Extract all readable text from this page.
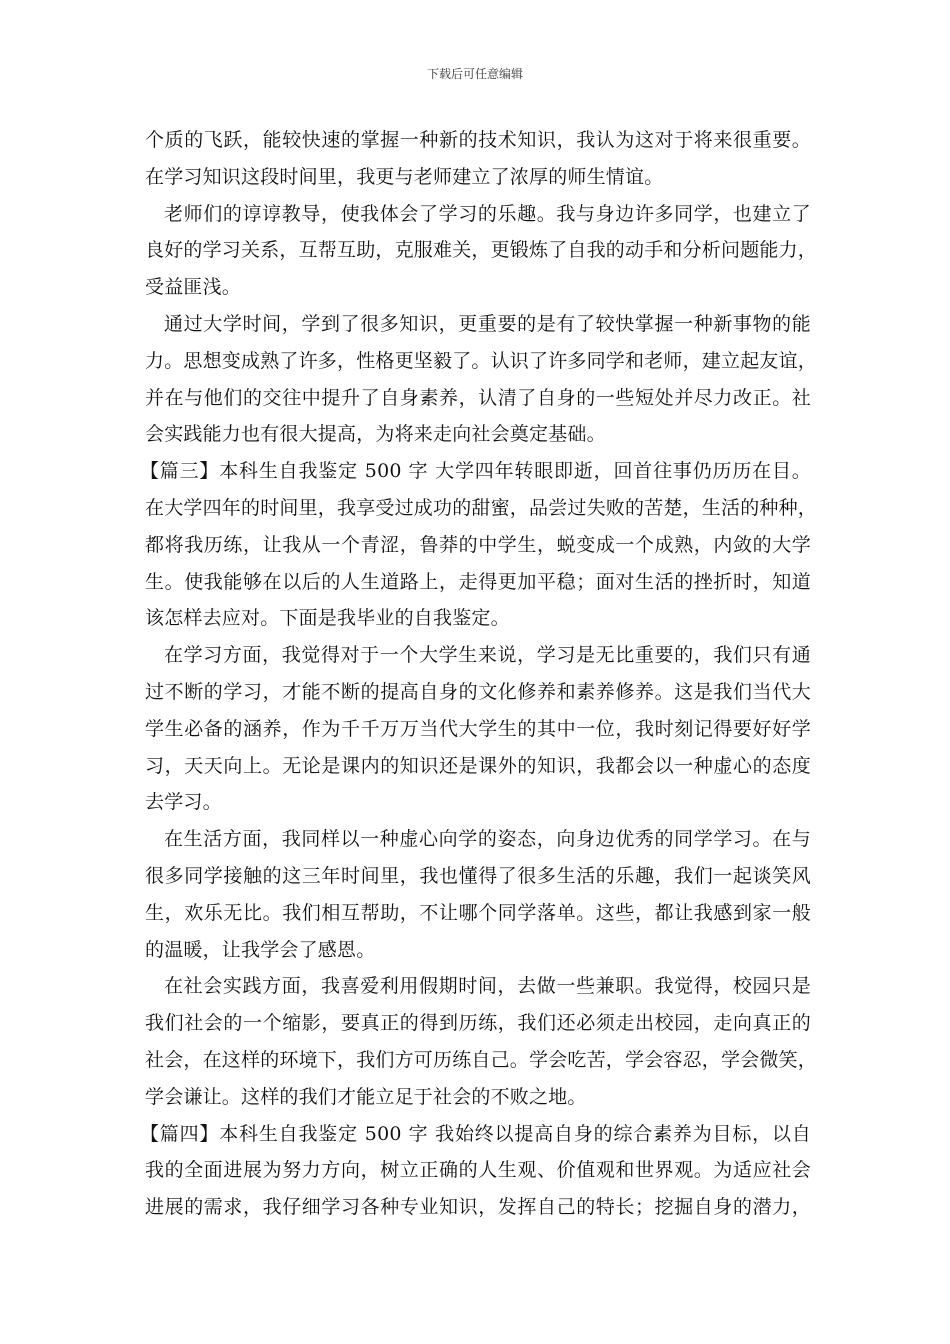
下载后可任意编辑
个质的飞跃，能较快速的掌握一种新的技术知识，我认为这对于将来很重要。
在学习知识这段时间里，我更与老师建立了浓厚的师生情谊。
老师们的谆谆教导，使我体会了学习的乐趣。我与身边许多同学，也建立了
良好的学习关系，互帮互助，克服难关，更锻炼了自我的动手和分析问题能力，
受益匪浅。
通过大学时间，学到了很多知识，更重要的是有了较快掌握一种新事物的能
力。思想变成熟了许多，性格更坚毅了。认识了许多同学和老师，建立起友谊，
并在与他们的交往中提升了自身素养，认清了自身的一些短处并尽力改正。社
会实践能力也有很大提高，为将来走向社会奠定基础。
【篇三】本科生自我鉴定 500 字 大学四年转眼即逝，回首往事仍历历在目。
在大学四年的时间里，我享受过成功的甜蜜，品尝过失败的苦楚，生活的种种，
都将我历练，让我从一个青涩，鲁莽的中学生，蜕变成一个成熟，内敛的大学
生。使我能够在以后的人生道路上，走得更加平稳；面对生活的挫折时，知道
该怎样去应对。下面是我毕业的自我鉴定。
在学习方面，我觉得对于一个大学生来说，学习是无比重要的，我们只有通
过不断的学习，才能不断的提高自身的文化修养和素养修养。这是我们当代大
学生必备的涵养，作为千千万万当代大学生的其中一位，我时刻记得要好好学
习，天天向上。无论是课内的知识还是课外的知识，我都会以一种虚心的态度
去学习。
在生活方面，我同样以一种虚心向学的姿态，向身边优秀的同学学习。在与
很多同学接触的这三年时间里，我也懂得了很多生活的乐趣，我们一起谈笑风
生，欢乐无比。我们相互帮助，不让哪个同学落单。这些，都让我感到家一般
的温暖，让我学会了感恩。
在社会实践方面，我喜爱利用假期时间，去做一些兼职。我觉得，校园只是
我们社会的一个缩影，要真正的得到历练，我们还必须走出校园，走向真正的
社会，在这样的环境下，我们方可历练自己。学会吃苦，学会容忍，学会微笑，
学会谦让。这样的我们才能立足于社会的不败之地。
【篇四】本科生自我鉴定 500 字 我始终以提高自身的综合素养为目标，以自
我的全面进展为努力方向，树立正确的人生观、价值观和世界观。为适应社会
进展的需求，我仔细学习各种专业知识，发挥自己的特长；挖掘自身的潜力，
